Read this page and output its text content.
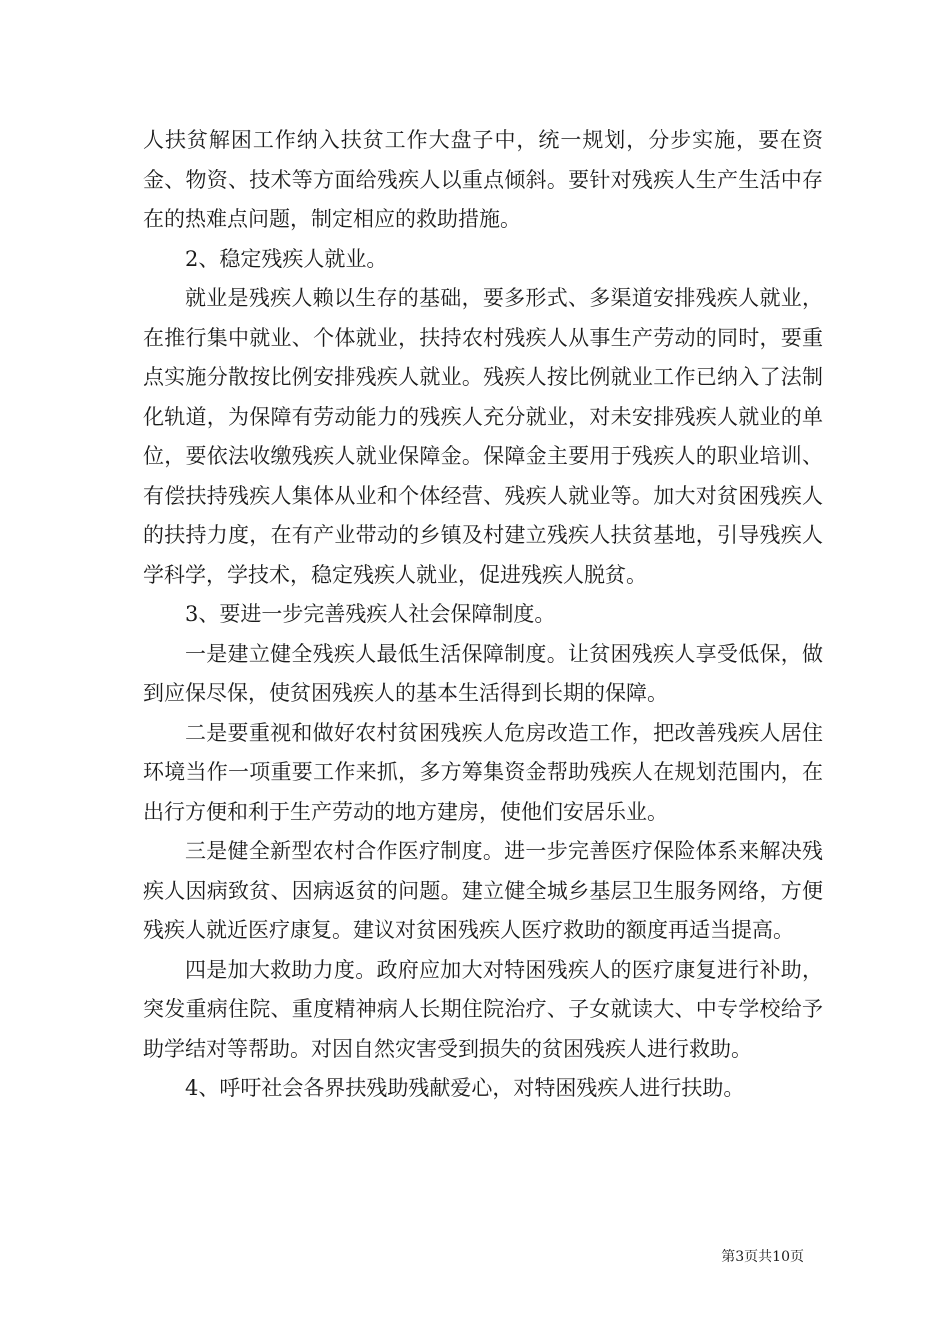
人扶贫解困工作纳入扶贫工作大盘子中，统一规划，分步实施，要在资金、物资、技术等方面给残疾人以重点倾斜。要针对残疾人生产生活中存在的热难点问题，制定相应的救助措施。

2、稳定残疾人就业。

就业是残疾人赖以生存的基础，要多形式、多渠道安排残疾人就业，在推行集中就业、个体就业，扶持农村残疾人从事生产劳动的同时，要重点实施分散按比例安排残疾人就业。残疾人按比例就业工作已纳入了法制化轨道，为保障有劳动能力的残疾人充分就业，对未安排残疾人就业的单位，要依法收缴残疾人就业保障金。保障金主要用于残疾人的职业培训、有偿扶持残疾人集体从业和个体经营、残疾人就业等。加大对贫困残疾人的扶持力度，在有产业带动的乡镇及村建立残疾人扶贫基地，引导残疾人学科学，学技术，稳定残疾人就业，促进残疾人脱贫。

3、要进一步完善残疾人社会保障制度。

一是建立健全残疾人最低生活保障制度。让贫困残疾人享受低保，做到应保尽保，使贫困残疾人的基本生活得到长期的保障。

二是要重视和做好农村贫困残疾人危房改造工作，把改善残疾人居住环境当作一项重要工作来抓，多方筹集资金帮助残疾人在规划范围内，在出行方便和利于生产劳动的地方建房，使他们安居乐业。

三是健全新型农村合作医疗制度。进一步完善医疗保险体系来解决残疾人因病致贫、因病返贫的问题。建立健全城乡基层卫生服务网络，方便残疾人就近医疗康复。建议对贫困残疾人医疗救助的额度再适当提高。

四是加大救助力度。政府应加大对特困残疾人的医疗康复进行补助，突发重病住院、重度精神病人长期住院治疗、子女就读大、中专学校给予助学结对等帮助。对因自然灾害受到损失的贫困残疾人进行救助。

4、呼吁社会各界扶残助残献爱心，对特困残疾人进行扶助。

第3页共10页
